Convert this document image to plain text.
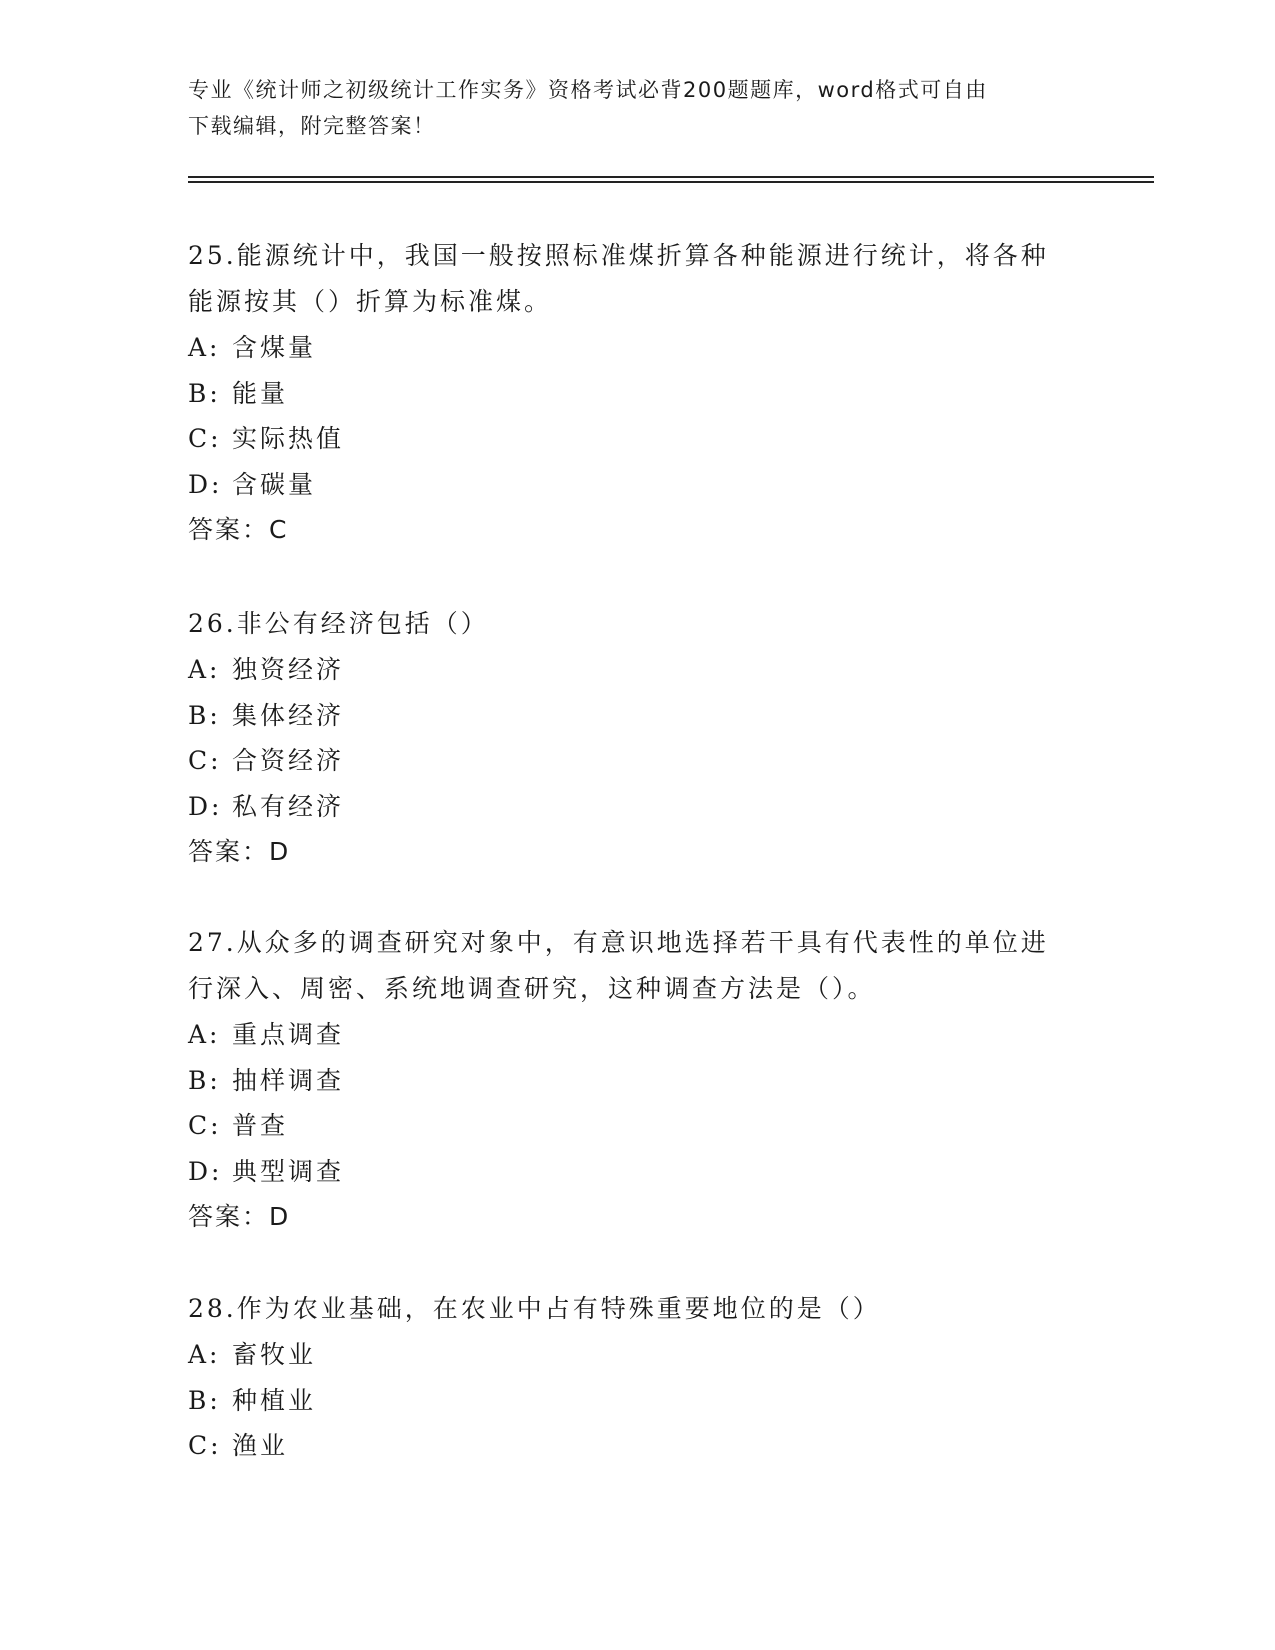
专业《统计师之初级统计工作实务》资格考试必背200题题库，word格式可自由
下载编辑，附完整答案！

25.能源统计中，我国一般按照标准煤折算各种能源进行统计，将各种

能源按其（）折算为标准煤。

A: 含煤量

B: 能量

C: 实际热值

D: 含碳量

答案：C

26.非公有经济包括（）

A: 独资经济

B: 集体经济

C: 合资经济

D: 私有经济

答案：D

27.从众多的调查研究对象中，有意识地选择若干具有代表性的单位进

行深入、周密、系统地调查研究，这种调查方法是（）。

A: 重点调查

B: 抽样调查

C: 普查

D: 典型调查

答案：D

28.作为农业基础，在农业中占有特殊重要地位的是（）

A: 畜牧业

B: 种植业

C: 渔业
